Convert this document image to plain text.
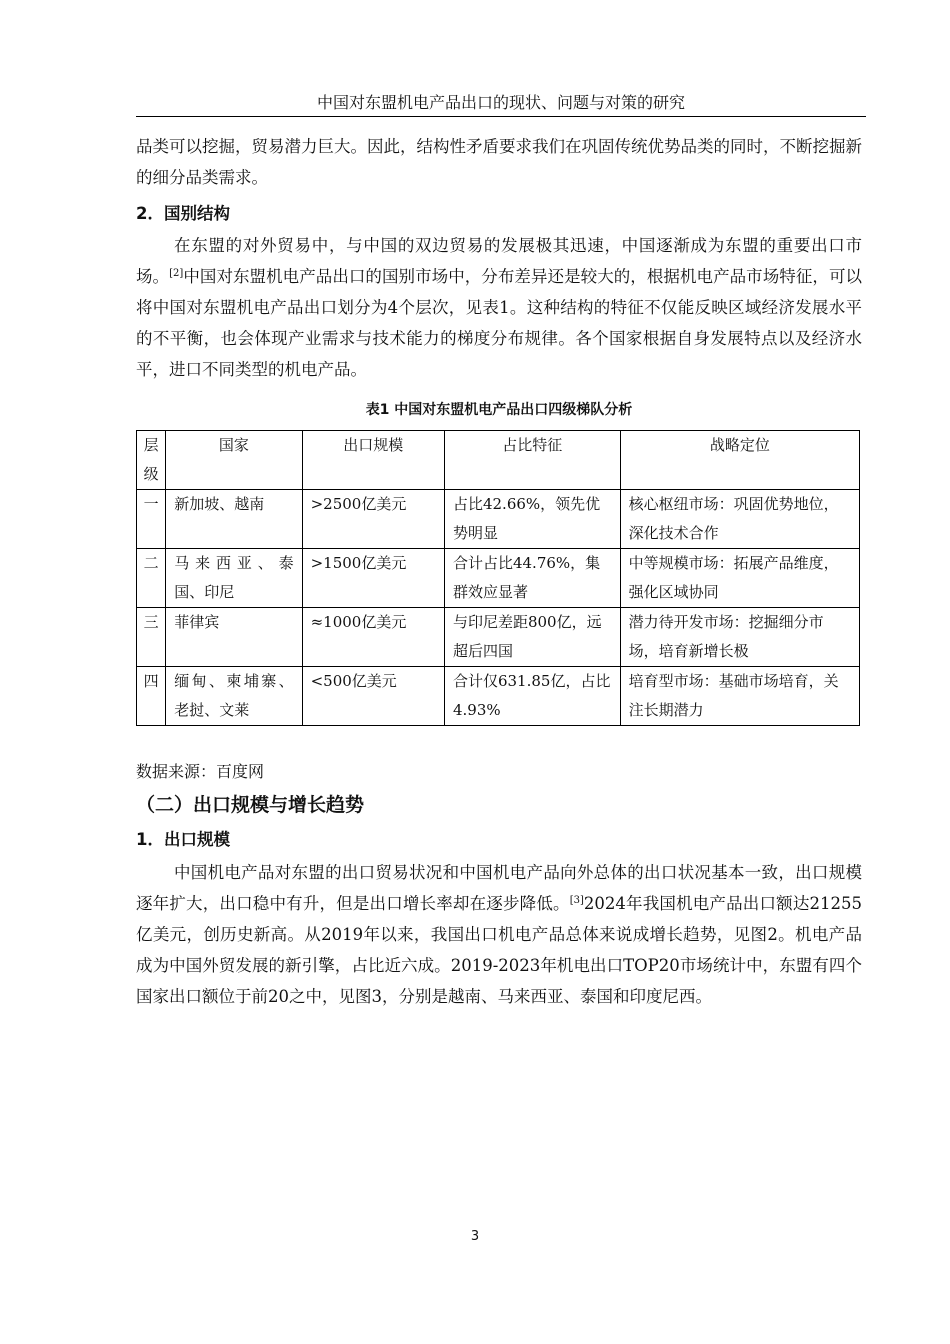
中国对东盟机电产品出口的现状、问题与对策的研究

品类可以挖掘，贸易潜力巨大。因此，结构性矛盾要求我们在巩固传统优势品类的同时，不断挖掘新的细分品类需求。

2．国别结构

在东盟的对外贸易中，与中国的双边贸易的发展极其迅速，中国逐渐成为东盟的重要出口市场。[2]中国对东盟机电产品出口的国别市场中，分布差异还是较大的，根据机电产品市场特征，可以将中国对东盟机电产品出口划分为4个层次，见表1。这种结构的特征不仅能反映区域经济发展水平的不平衡，也会体现产业需求与技术能力的梯度分布规律。各个国家根据自身发展特点以及经济水平，进口不同类型的机电产品。

表1 中国对东盟机电产品出口四级梯队分析
层级	国家	出口规模	占比特征	战略定位
一	新加坡、越南	>2500亿美元	占比42.66%，领先优势明显	核心枢纽市场：巩固优势地位，深化技术合作
二	马来西亚、泰国、印尼	>1500亿美元	合计占比44.76%，集群效应显著	中等规模市场：拓展产品维度，强化区域协同
三	菲律宾	≈1000亿美元	与印尼差距800亿，远超后四国	潜力待开发市场：挖掘细分市场，培育新增长极
四	缅甸、柬埔寨、老挝、文莱	<500亿美元	合计仅631.85亿，占比4.93%	培育型市场：基础市场培育，关注长期潜力
数据来源：百度网
（二）出口规模与增长趋势
1．出口规模

中国机电产品对东盟的出口贸易状况和中国机电产品向外总体的出口状况基本一致，出口规模逐年扩大，出口稳中有升，但是出口增长率却在逐步降低。[3]2024年我国机电产品出口额达21255亿美元，创历史新高。从2019年以来，我国出口机电产品总体来说成增长趋势，见图2。机电产品成为中国外贸发展的新引擎，占比近六成。2019-2023年机电出口TOP20市场统计中，东盟有四个国家出口额位于前20之中，见图3，分别是越南、马来西亚、泰国和印度尼西。

3
